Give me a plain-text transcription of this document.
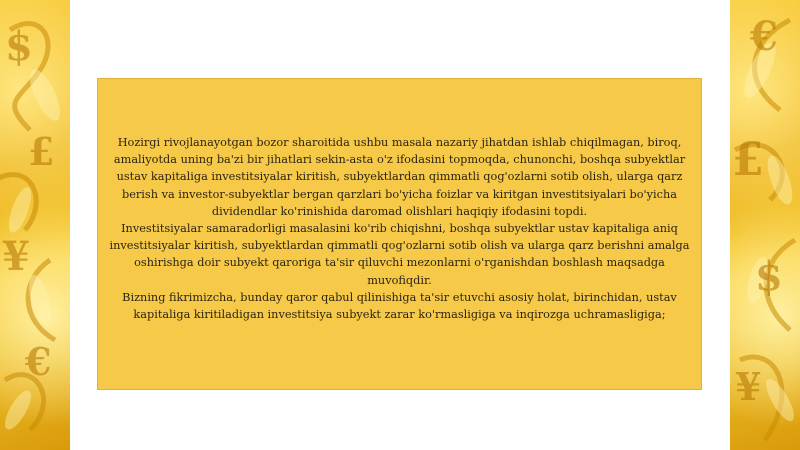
$
£
¥
€
€
£
$
¥

Hozirgi rivojlanayotgan bozor sharoitida ushbu masala nazariy jihatdan ishlab chiqilmagan, biroq, amaliyotda uning ba'zi bir jihatlari sekin-asta o'z ifodasini topmoqda, chunonchi, boshqa subyektlar ustav kapitaliga investitsiyalar kiritish, subyektlardan qimmatli qog'ozlarni sotib olish, ularga qarz berish va investor-subyektlar bergan qarzlari bo'yicha foizlar va kiritgan investitsiyalari bo'yicha dividendlar ko'rinishida daromad olishlari haqiqiy ifodasini topdi.

Investitsiyalar samaradorligi masalasini ko'rib chiqishni, boshqa subyektlar ustav kapitaliga aniq investitsiyalar kiritish, subyektlardan qimmatli qog'ozlarni sotib olish va ularga qarz berishni amalga oshirishga doir subyekt qaroriga ta'sir qiluvchi mezonlarni o'rganishdan boshlash maqsadga muvofiqdir.

Bizning fikrimizcha, bunday qaror qabul qilinishiga ta'sir etuvchi asosiy holat, birinchidan, ustav kapitaliga kiritiladigan investitsiya subyekt zarar ko'rmasligiga va inqirozga uchramasligiga;
